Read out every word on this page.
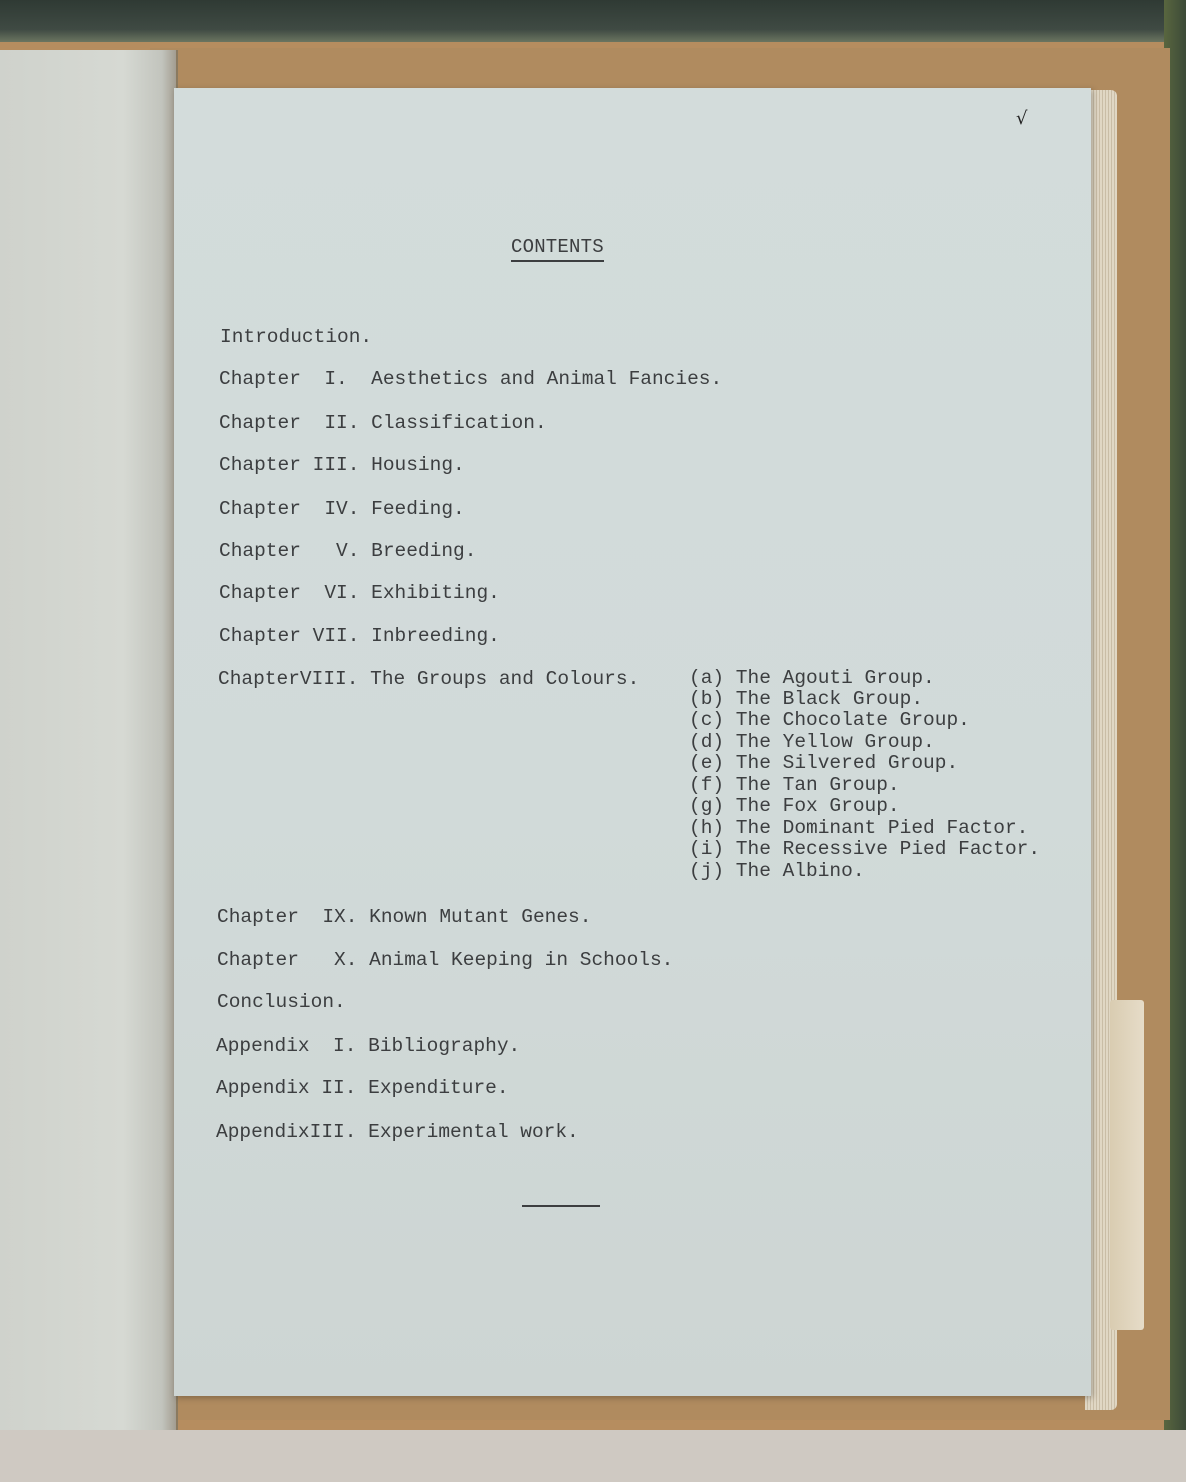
√
CONTENTS
Introduction.
Chapter  I.  Aesthetics and Animal Fancies.
Chapter  II. Classification.
Chapter III. Housing.
Chapter  IV. Feeding.
Chapter   V. Breeding.
Chapter  VI. Exhibiting.
Chapter VII. Inbreeding.
ChapterVIII. The Groups and Colours.	(a) The Agouti Group.
(b) The Black Group.
(c) The Chocolate Group.
(d) The Yellow Group.
(e) The Silvered Group.
(f) The Tan Group.
(g) The Fox Group.
(h) The Dominant Pied Factor.
(i) The Recessive Pied Factor.
(j) The Albino.
Chapter  IX. Known Mutant Genes.
Chapter   X. Animal Keeping in Schools.
Conclusion.
Appendix  I. Bibliography.
Appendix II. Expenditure.
AppendixIII. Experimental work.
